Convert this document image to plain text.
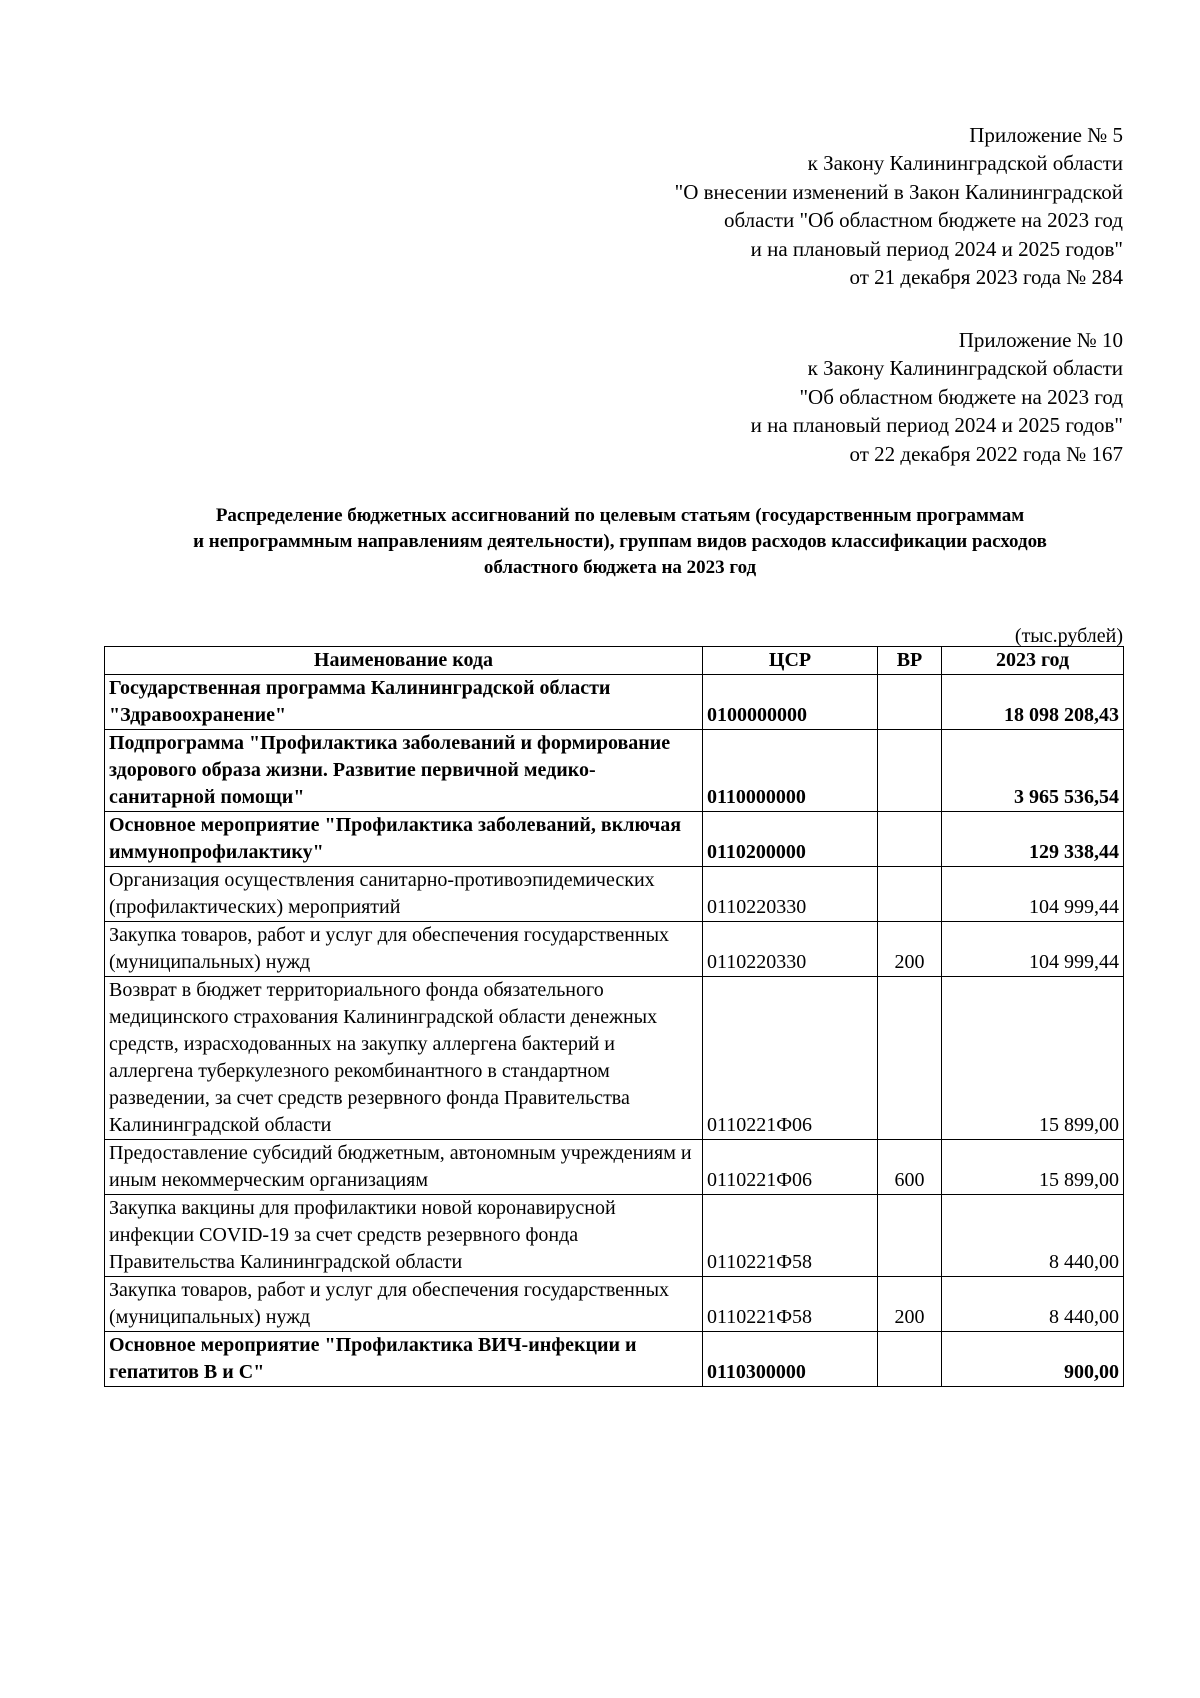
Приложение № 5
к Закону Калининградской области
"О внесении изменений в Закон Калининградской
области "Об областном бюджете на 2023 год
и на плановый период 2024 и 2025 годов"
от 21 декабря 2023 года № 284
Приложение № 10
к Закону Калининградской области
"Об областном бюджете на 2023 год
и на плановый период 2024 и 2025 годов"
от 22 декабря 2022 года № 167
Распределение бюджетных ассигнований по целевым статьям (государственным программам
и непрограммным направлениям деятельности), группам видов расходов классификации расходов
областного бюджета на 2023 год
(тыс.рублей)
Наименование кода	ЦСР	ВР	2023 год
Государственная программа Калининградской области "Здравоохранение"	0100000000		18 098 208,43
Подпрограмма "Профилактика заболеваний и формирование здорового образа жизни. Развитие первичной медико-санитарной помощи"	0110000000		3 965 536,54
Основное мероприятие "Профилактика заболеваний, включая иммунопрофилактику"	0110200000		129 338,44
Организация осуществления санитарно-противоэпидемических (профилактических) мероприятий	0110220330		104 999,44
Закупка товаров, работ и услуг для обеспечения государственных (муниципальных) нужд	0110220330	200	104 999,44
Возврат в бюджет территориального фонда обязательного медицинского страхования Калининградской области денежных средств, израсходованных на закупку аллергена бактерий и аллергена туберкулезного рекомбинантного в стандартном разведении, за счет средств резервного фонда Правительства Калининградской области	0110221Ф06		15 899,00
Предоставление субсидий бюджетным, автономным учреждениям и иным некоммерческим организациям	0110221Ф06	600	15 899,00
Закупка вакцины для профилактики новой коронавирусной инфекции COVID-19 за счет средств резервного фонда Правительства Калининградской области	0110221Ф58		8 440,00
Закупка товаров, работ и услуг для обеспечения государственных (муниципальных) нужд	0110221Ф58	200	8 440,00
Основное мероприятие "Профилактика ВИЧ-инфекции и гепатитов В и С"	0110300000		900,00
